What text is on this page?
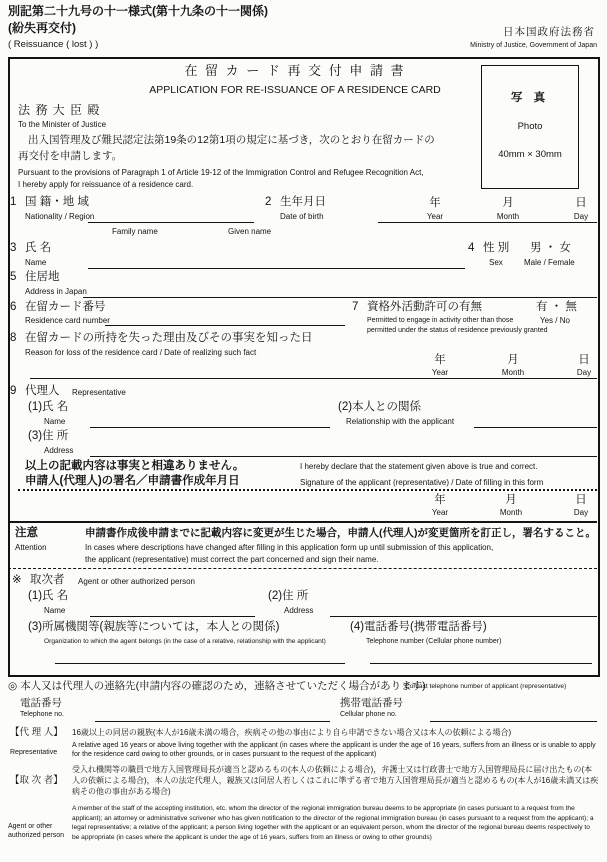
別記第二十九号の十一様式(第十九条の十一関係)
(紛失再交付)	日本国政府法務省
( Reissuance ( lost ) )	Ministry of Justice, Government of Japan
在 留 カ ー ド 再 交 付 申 請 書
APPLICATION FOR RE-ISSUANCE OF A RESIDENCE CARD
写 真
Photo
40mm × 30mm
法 務 大 臣 殿
To the Minister of Justice
出入国管理及び難民認定法第19条の12第1項の規定に基づき，次のとおり在留カードの
再交付を申請します。
Pursuant to the provisions of Paragraph 1 of Article 19-12 of the Immigration Control and Refugee Recognition Act,
I hereby apply for reissuance of a residence card.
1 国 籍・地 域
Nationality / Region
2 生年月日
Date of birth
年	月	日
Year	Month	Day
Family name	Given name
3 氏 名
Name
4 性 別
Sex
男 ・ 女
Male / Female
5 住居地
Address in Japan
6 在留カード番号
Residence card number
7 資格外活動許可の有無	有 ・ 無
Permitted to engage in activity other than those	Yes / No
permitted under the status of residence previously granted
8 在留カードの所持を失った理由及びその事実を知った日
Reason for loss of the residence card / Date of realizing such fact
年	月	日
Year	Month	Day
9 代理人 Representative
(1)氏 名
Name
(2)本人との関係
Relationship with the applicant
(3)住 所
Address
以上の記載内容は事実と相違ありません。
申請人(代理人)の署名／申請書作成年月日
I hereby declare that the statement given above is true and correct.
Signature of the applicant (representative) / Date of filling in this form
年	月	日
Year	Month	Day
注意	申請書作成後申請までに記載内容に変更が生じた場合，申請人(代理人)が変更箇所を訂正し，署名すること。
Attention	In cases where descriptions have changed after filling in this application form up until submission of this application,
the applicant (representative) must correct the part concerned and sign their name.
※ 取次者 Agent or other authorized person
(1)氏 名
Name
(2)住 所
Address
(3)所属機関等(親族等については，本人との関係)
Organization to which the agent belongs (in the case of a relative, relationship with the applicant)
(4)電話番号(携帯電話番号)
Telephone number (Cellular phone number)
◎ 本人又は代理人の連絡先(申請内容の確認のため，連絡させていただく場合があります)
Contact telephone number of applicant (representative)
電話番号
Telephone no.
携帯電話番号
Cellular phone no.
【代 理 人】 16歳以上の同居の親族(本人が16歳未満の場合，疾病その他の事由により自ら申請できない場合又は本人の依頼による場合)
Representative
A relative aged 16 years or above living together with the applicant (in cases where the applicant is under the age of 16 years, suffers from an illness or is unable to apply for the residence card owing to other grounds, or in cases pursuant to the request of the applicant)
【取 次 者】
受入れ機関等の職員で地方入国管理局長が適当と認めるもの(本人の依頼による場合)，弁護士又は行政書士で地方入国管理局長に届け出たもの(本人の依頼による場合)，本人の法定代理人，親族又は同居人若しくはこれに準ずる者で地方入国管理局長が適当と認めるもの(本人が16歳未満又は疾病その他の事由がある場合)
Agent or other authorized person
A member of the staff of the accepting institution, etc. whom the director of the regional immigration bureau deems to be appropriate (in cases pursuant to a request from the applicant); an attorney or administrative scrivener who has given notification to the director of the regional immigration bureau (in cases pursuant to a request from the applicant); a legal representative; a relative of the applicant; a person living together with the applicant or an equivalent person, whom the director of the regional bureau deems respectively to be appropriate (in cases where the applicant is under the age of 16 years, suffers from an illness or owing to other grounds)
